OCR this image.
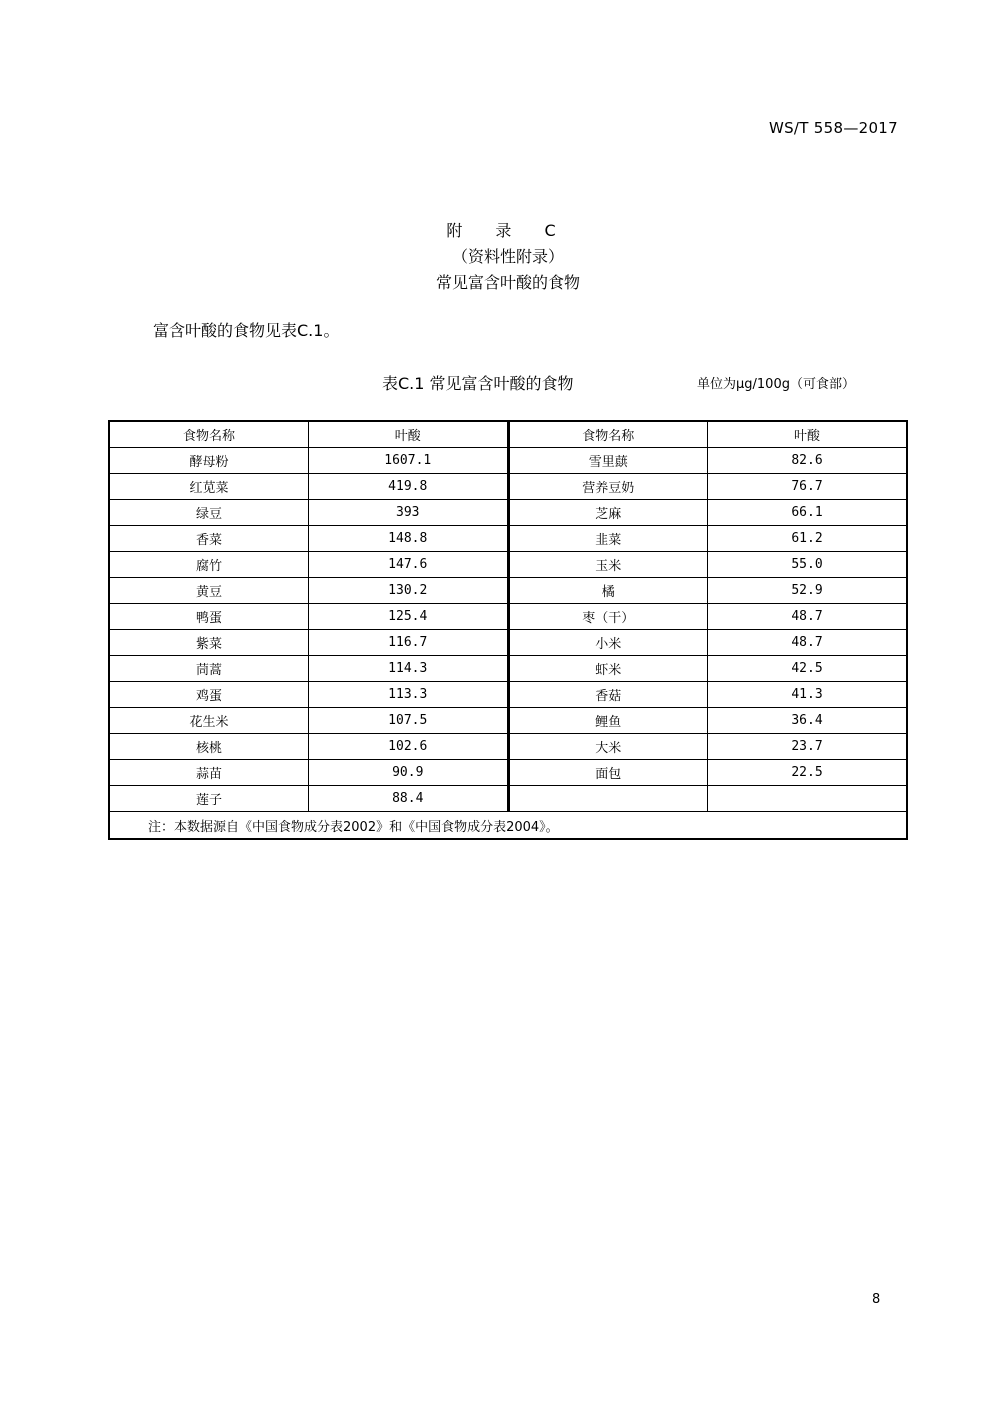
WS/T 558—2017
附 录 C
（资料性附录）
常见富含叶酸的食物
富含叶酸的食物见表C.1。
表C.1 常见富含叶酸的食物	单位为μg/100g（可食部）
食物名称	叶酸	食物名称	叶酸
酵母粉	1607.1	雪里蕻	82.6
红苋菜	419.8	营养豆奶	76.7
绿豆	393	芝麻	66.1
香菜	148.8	韭菜	61.2
腐竹	147.6	玉米	55.0
黄豆	130.2	橘	52.9
鸭蛋	125.4	枣（干）	48.7
紫菜	116.7	小米	48.7
茼蒿	114.3	虾米	42.5
鸡蛋	113.3	香菇	41.3
花生米	107.5	鲤鱼	36.4
核桃	102.6	大米	23.7
蒜苗	90.9	面包	22.5
莲子	88.4		
注：本数据源自《中国食物成分表2002》和《中国食物成分表2004》。			
8
